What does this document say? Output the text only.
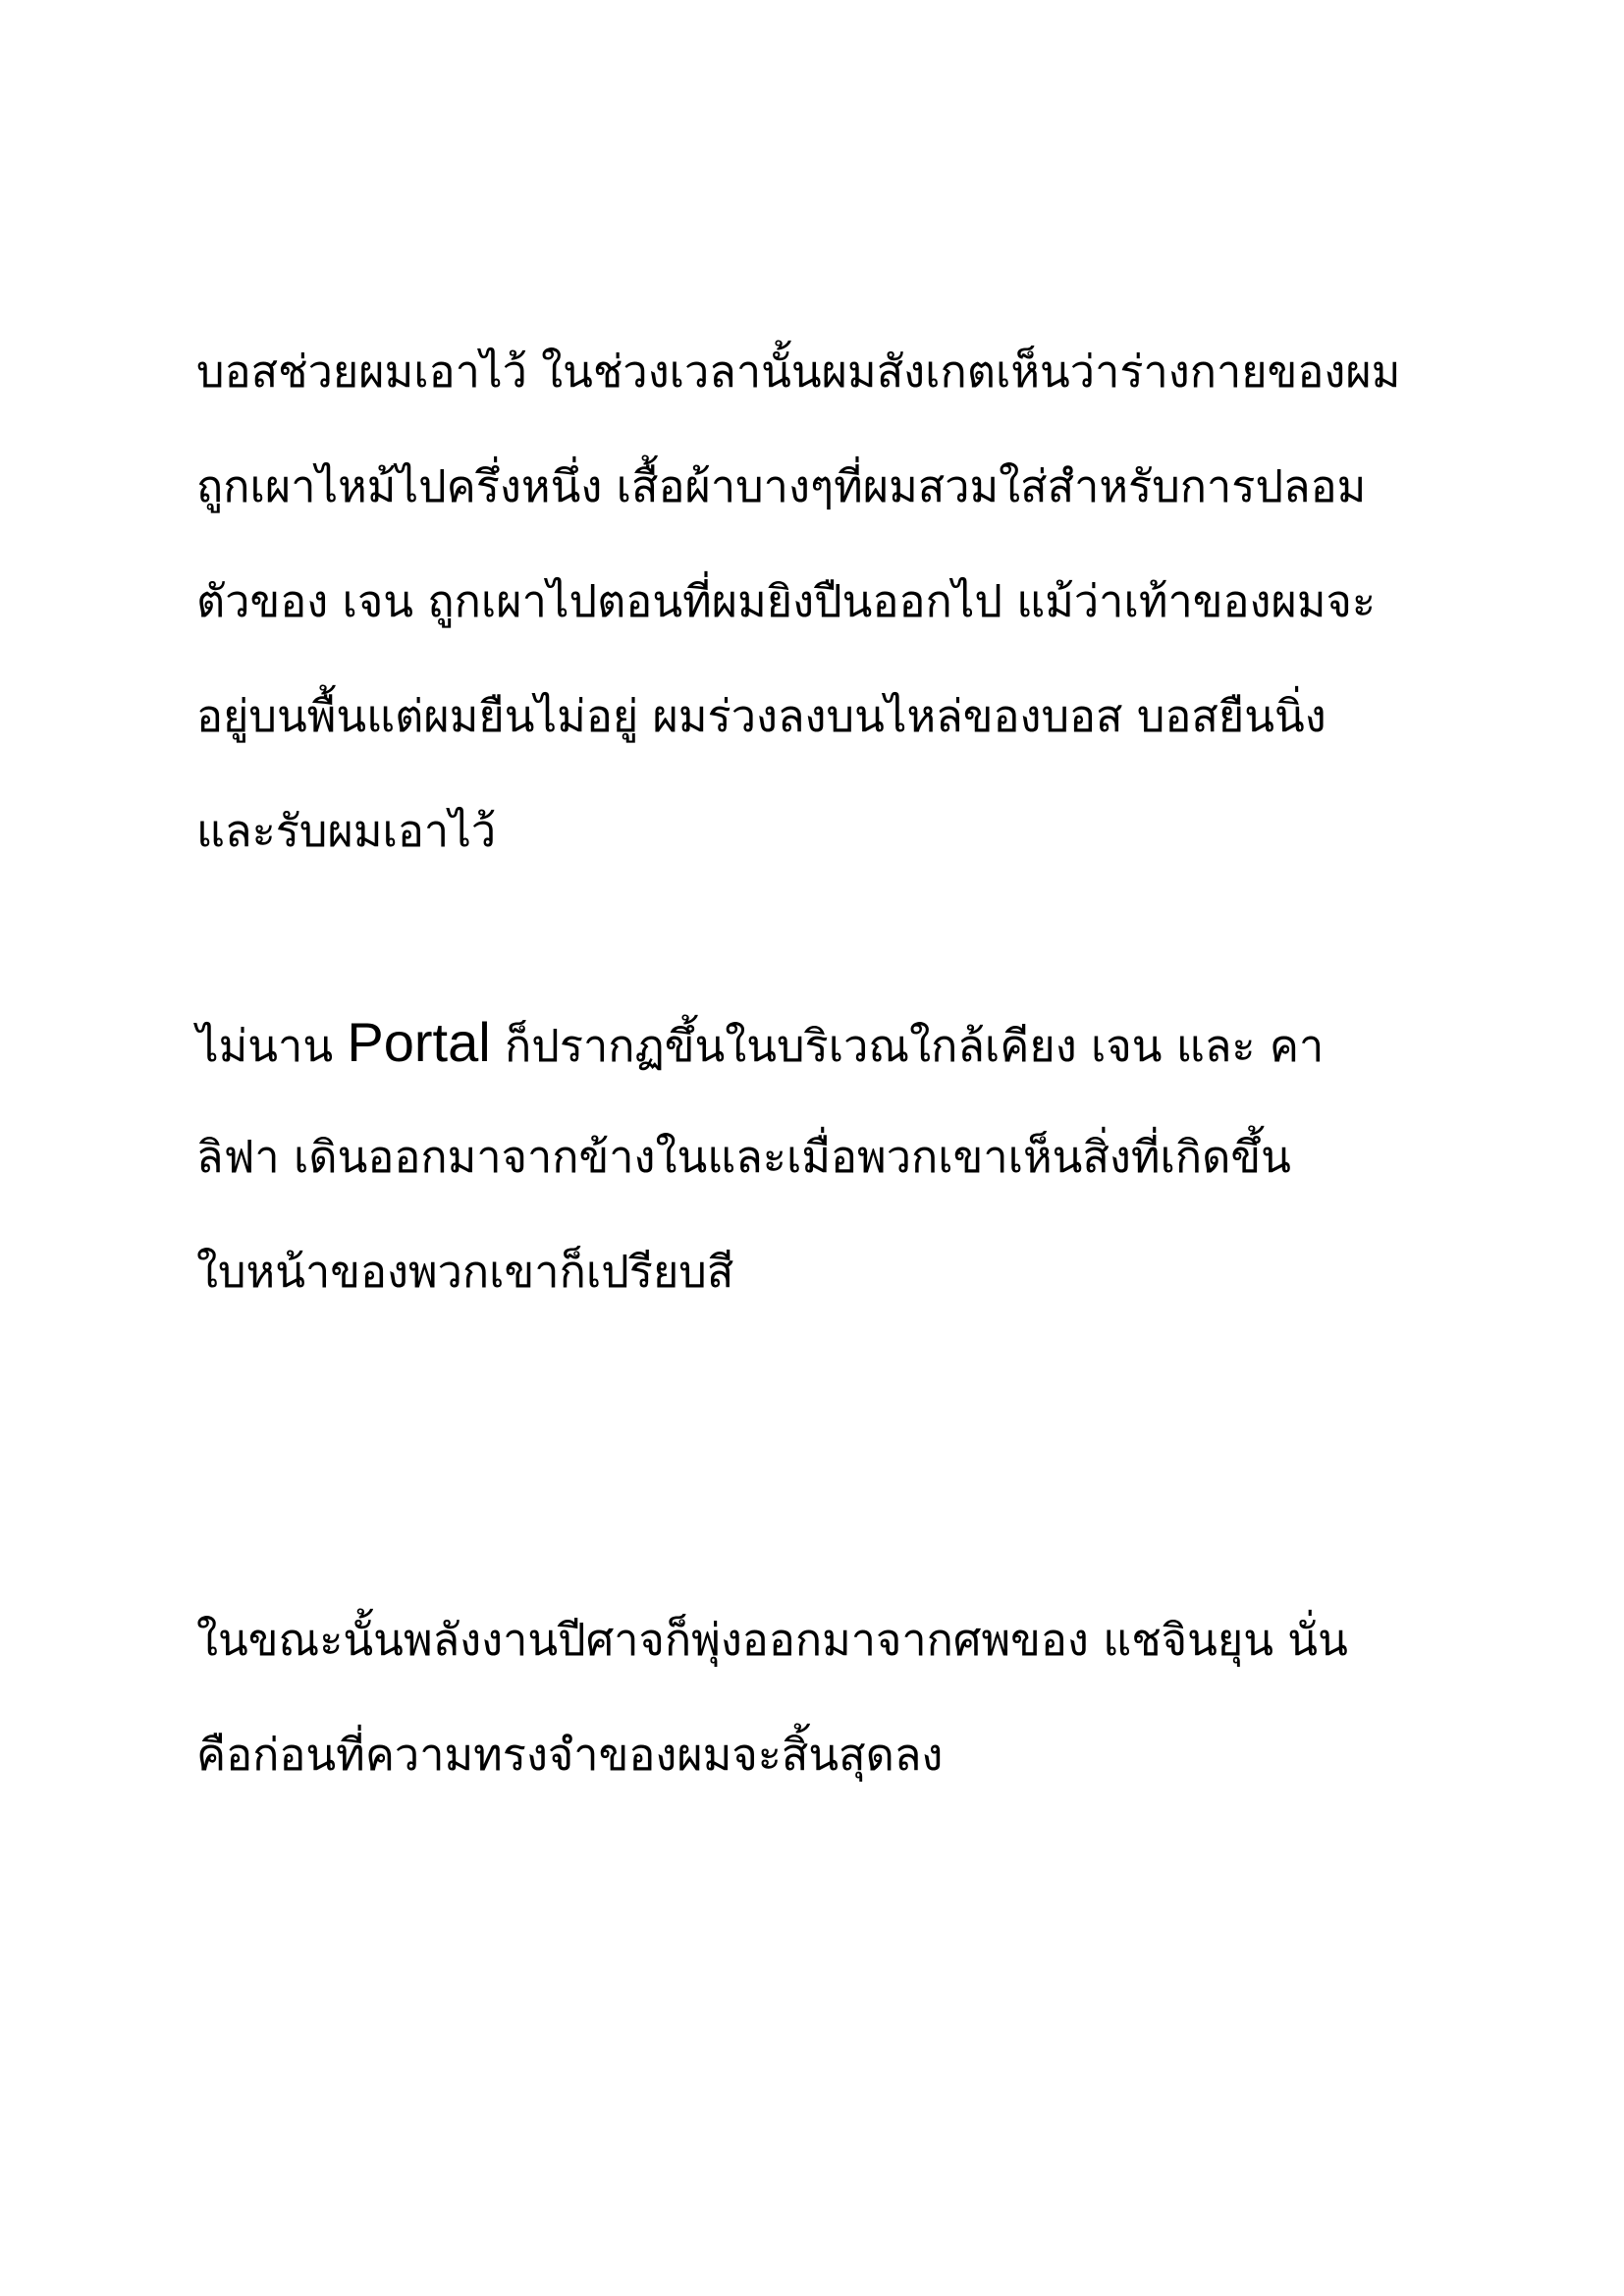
บอสช่วยผมเอาไว้ ในช่วงเวลานั้นผมสังเกตเห็นว่าร่างกายของผม
ถูกเผาไหม้ไปครึ่งหนึ่ง เสื้อผ้าบางๆที่ผมสวมใส่สำหรับการปลอม
ตัวของ เจน ถูกเผาไปตอนที่ผมยิงปืนออกไป แม้ว่าเท้าของผมจะ
อยู่บนพื้นแต่ผมยืนไม่อยู่ ผมร่วงลงบนไหล่ของบอส บอสยืนนิ่ง
และรับผมเอาไว้

ไม่นาน Portal ก็ปรากฏขึ้นในบริเวณใกล้เคียง เจน และ คา
ลิฟา เดินออกมาจากข้างในและเมื่อพวกเขาเห็นสิ่งที่เกิดขึ้น
ใบหน้าของพวกเขาก็เปรียบสี

ในขณะนั้นพลังงานปีศาจก็พุ่งออกมาจากศพของ แชจินยุน นั่น
คือก่อนที่ความทรงจำของผมจะสิ้นสุดลง
